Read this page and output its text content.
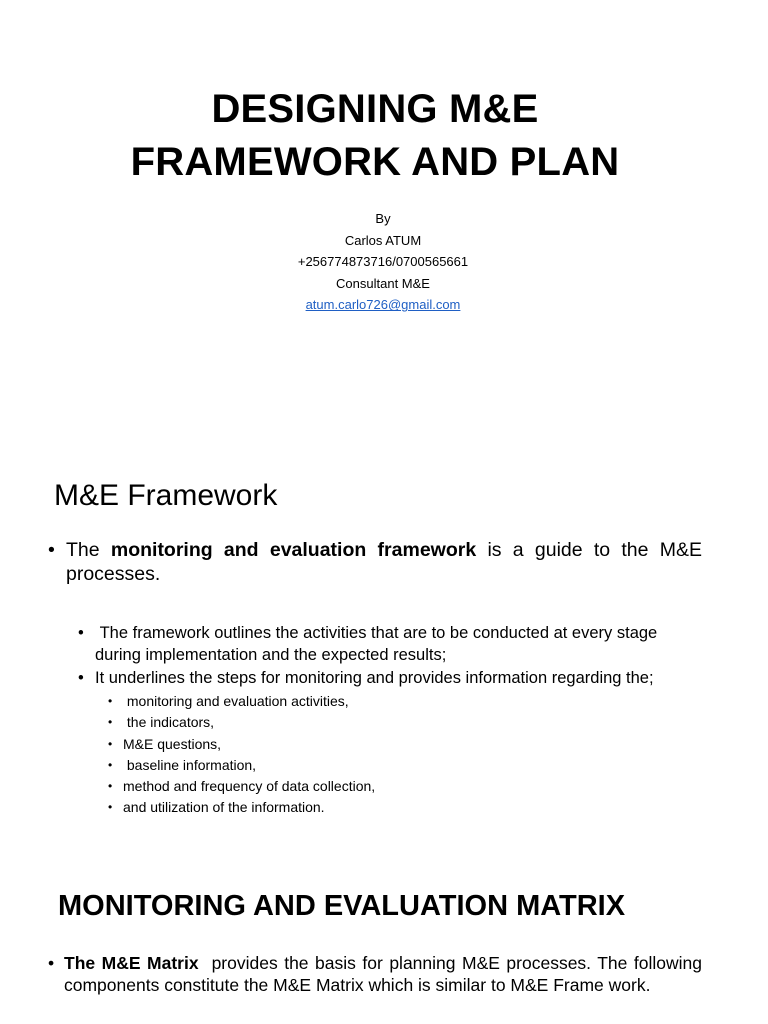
DESIGNING M&E
FRAMEWORK AND PLAN
By
Carlos ATUM
+256774873716/0700565661
Consultant M&E
atum.carlo726@gmail.com
M&E Framework
• The monitoring and evaluation framework is a guide to the M&E processes.
• The framework outlines the activities that are to be conducted at every stage during implementation and the expected results;
• It underlines the steps for monitoring and provides information regarding the;
• monitoring and evaluation activities,
• the indicators,
• M&E questions,
• baseline information,
• method and frequency of data collection,
• and utilization of the information.
MONITORING AND EVALUATION MATRIX
• The M&E Matrix  provides the basis for planning M&E processes. The following components constitute the M&E Matrix which is similar to M&E Frame work.
